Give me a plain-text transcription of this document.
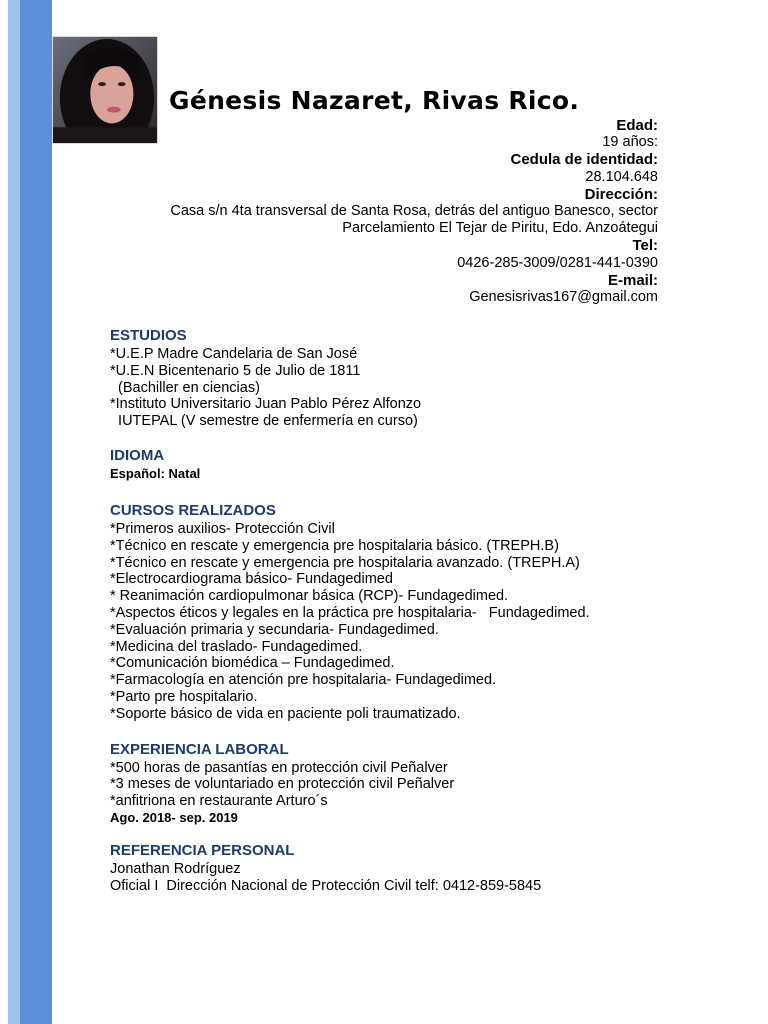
Génesis Nazaret, Rivas Rico.
Edad:
19 años:
Cedula de identidad:
28.104.648
Dirección:
Casa s/n 4ta transversal de Santa Rosa, detrás del antiguo Banesco, sector
Parcelamiento El Tejar de Piritu, Edo. Anzoátegui
Tel:
0426-285-3009/0281-441-0390
E-mail:
Genesisrivas167@gmail.com
ESTUDIOS
*U.E.P Madre Candelaria de San José
*U.E.N Bicentenario 5 de Julio de 1811
(Bachiller en ciencias)
*Instituto Universitario Juan Pablo Pérez Alfonzo
IUTEPAL (V semestre de enfermería en curso)
IDIOMA
Español: Natal
CURSOS REALIZADOS
*Primeros auxilios- Protección Civil
*Técnico en rescate y emergencia pre hospitalaria básico. (TREPH.B)
*Técnico en rescate y emergencia pre hospitalaria avanzado. (TREPH.A)
*Electrocardiograma básico- Fundagedimed
* Reanimación cardiopulmonar básica (RCP)- Fundagedimed.
*Aspectos éticos y legales en la práctica pre hospitalaria-   Fundagedimed.
*Evaluación primaria y secundaria- Fundagedimed.
*Medicina del traslado- Fundagedimed.
*Comunicación biomédica – Fundagedimed.
*Farmacología en atención pre hospitalaria- Fundagedimed.
*Parto pre hospitalario.
*Soporte básico de vida en paciente poli traumatizado.
EXPERIENCIA LABORAL
*500 horas de pasantías en protección civil Peñalver
*3 meses de voluntariado en protección civil Peñalver
*anfitriona en restaurante Arturo´s
Ago. 2018- sep. 2019
REFERENCIA PERSONAL
Jonathan Rodríguez
Oficial I  Dirección Nacional de Protección Civil telf: 0412-859-5845
